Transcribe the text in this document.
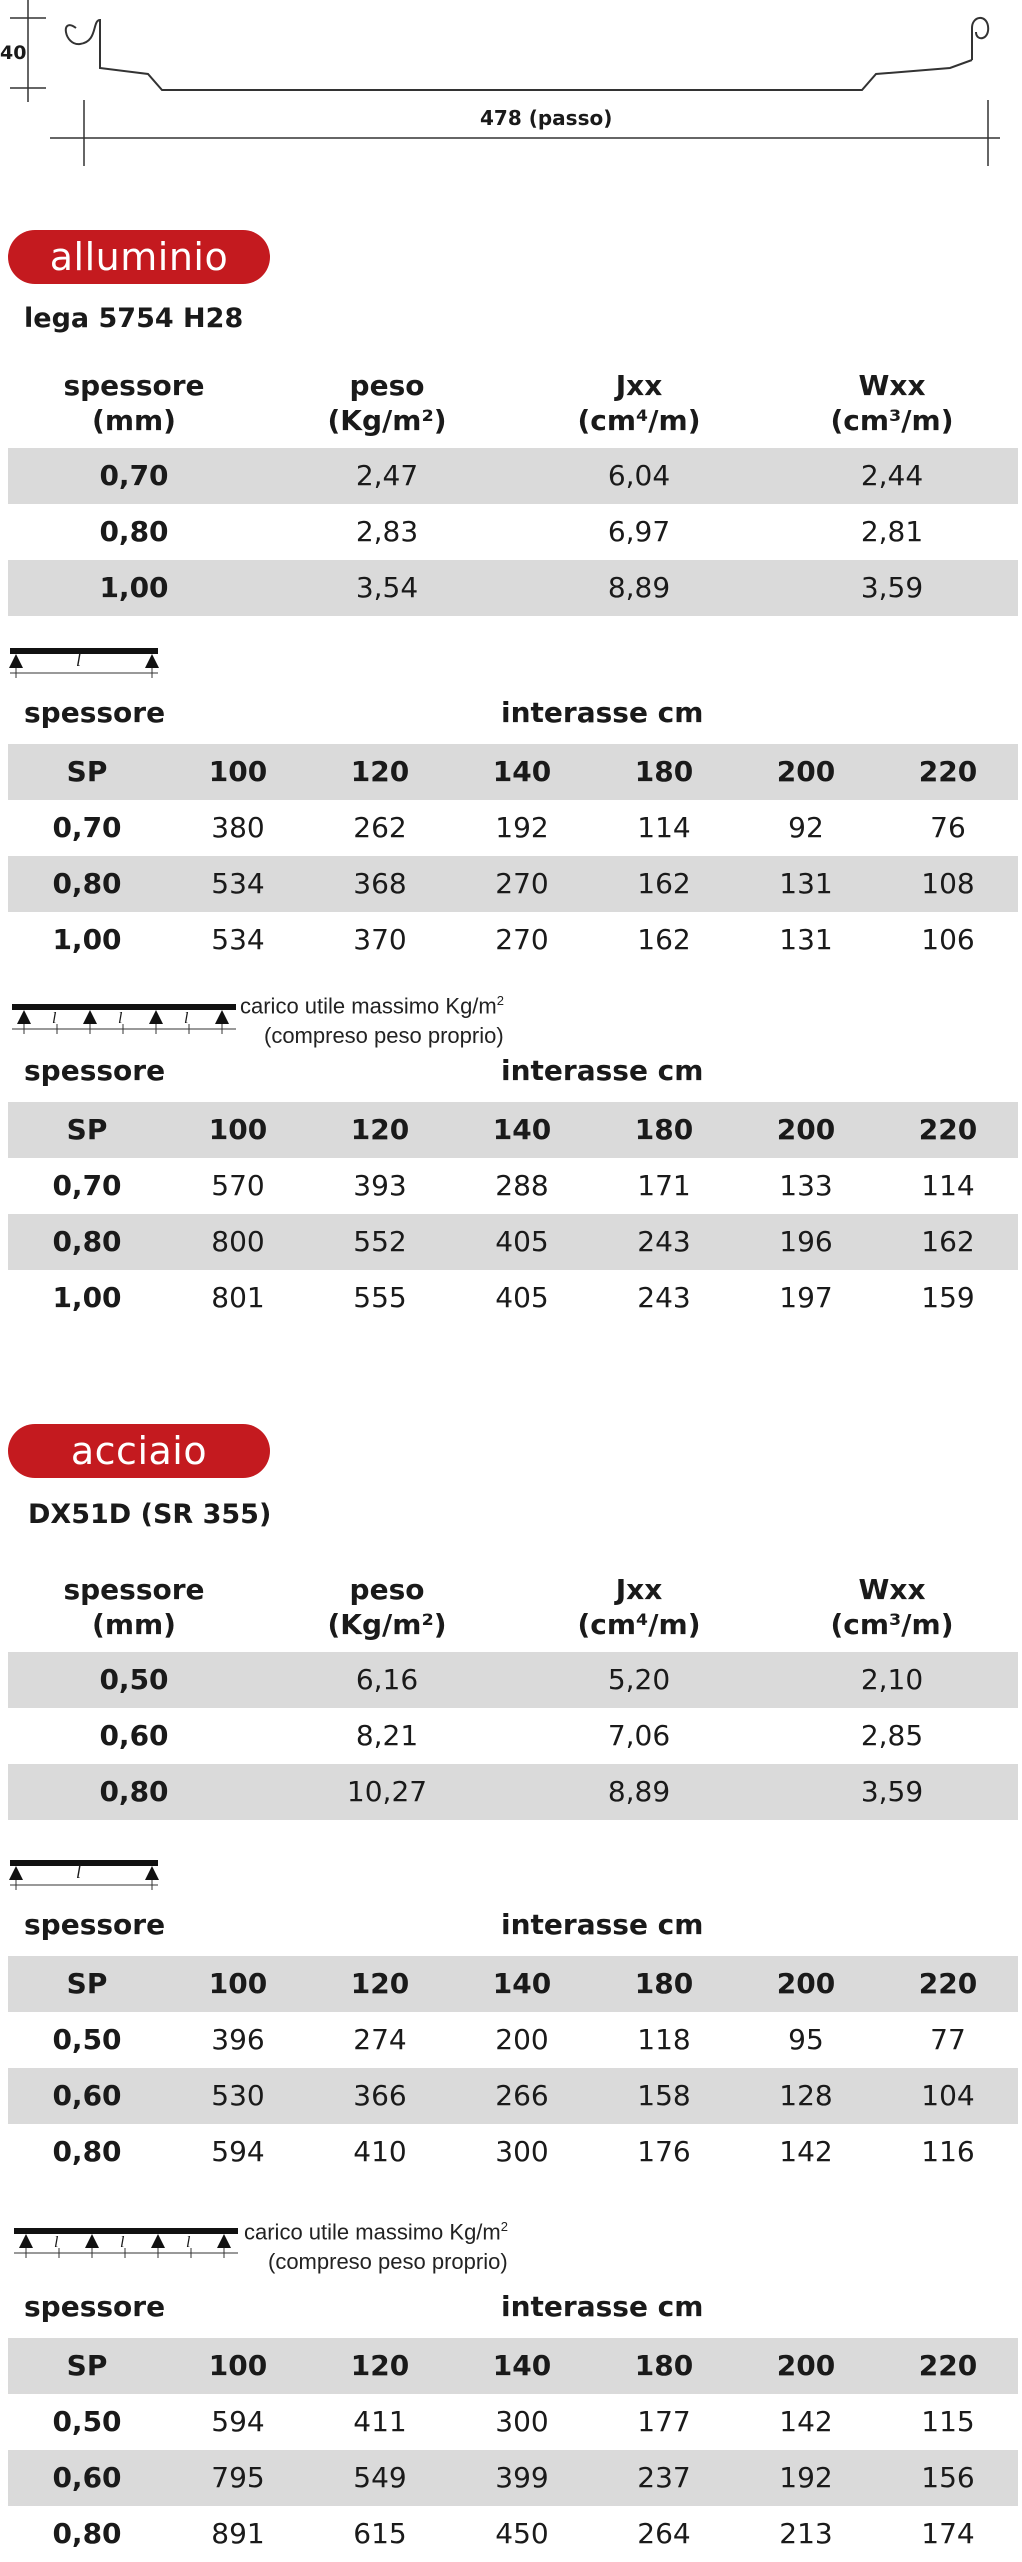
40
478 (passo)
alluminio
lega 5754 H28
spessore
(mm)
peso
(Kg/m²)
Jxx
(cm⁴/m)
Wxx
(cm³/m)
0,70	2,47	6,04	2,44
0,80	2,83	6,97	2,81
1,00	3,54	8,89	3,59
l
spessore	interasse cm
SP	100	120	140	180	200	220
0,70	380	262	192	114	92	76
0,80	534	368	270	162	131	108
1,00	534	370	270	162	131	106
l	l	l
carico utile massimo $Kg/m^2$
(compreso peso proprio)
spessore	interasse cm
SP	100	120	140	180	200	220
0,70	570	393	288	171	133	114
0,80	800	552	405	243	196	162
1,00	801	555	405	243	197	159
acciaio
DX51D (SR 355)
spessore
(mm)
peso
(Kg/m²)
Jxx
(cm⁴/m)
Wxx
(cm³/m)
0,50	6,16	5,20	2,10
0,60	8,21	7,06	2,85
0,80	10,27	8,89	3,59
l
spessore	interasse cm
SP	100	120	140	180	200	220
0,50	396	274	200	118	95	77
0,60	530	366	266	158	128	104
0,80	594	410	300	176	142	116
l	l	l carico utile massimo $Kg/m^2$
(compreso peso proprio)
spessore	interasse cm
SP	100	120	140	180	200	220
0,50	594	411	300	177	142	115
0,60	795	549	399	237	192	156
0,80	891	615	450	264	213	174
